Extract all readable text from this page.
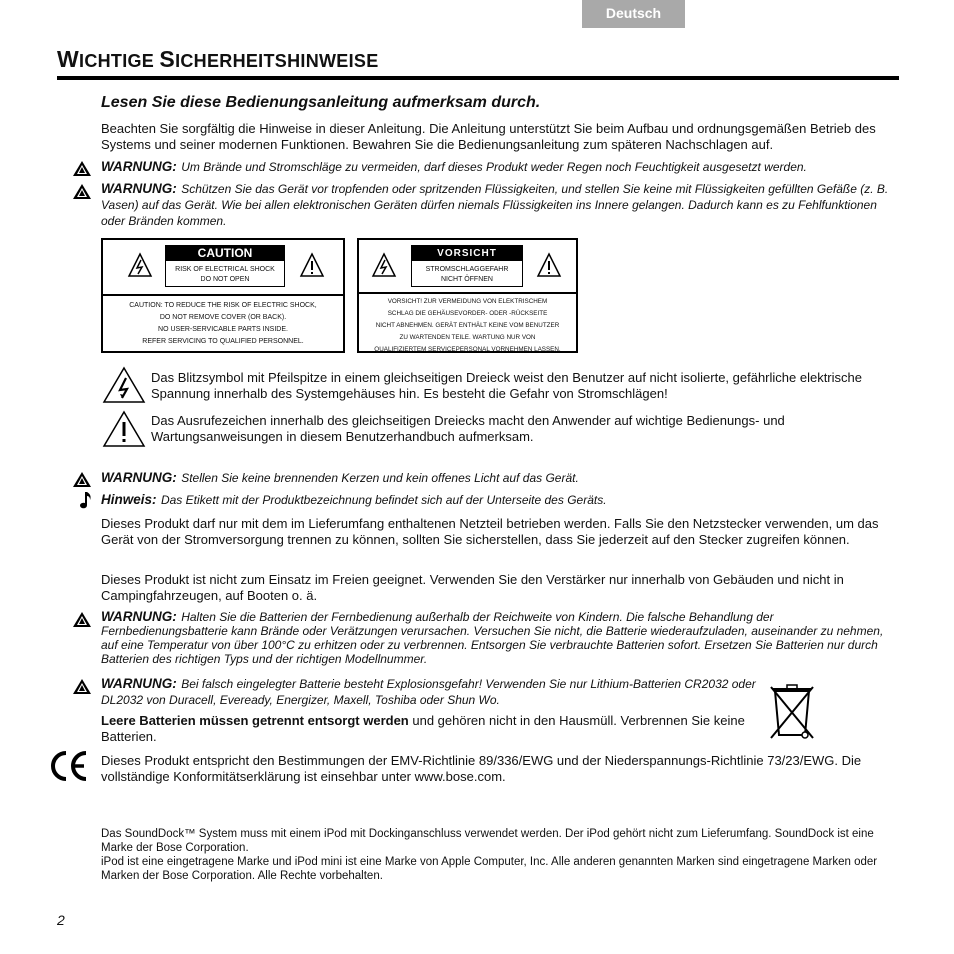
Deutsch
WICHTIGE SICHERHEITSHINWEISE
Lesen Sie diese Bedienungsanleitung aufmerksam durch.
Beachten Sie sorgfältig die Hinweise in dieser Anleitung. Die Anleitung unterstützt Sie beim Aufbau und ordnungsgemäßen Betrieb des Systems und seiner modernen Funktionen. Bewahren Sie die Bedienungsanleitung zum späteren Nachschlagen auf.
WARNUNG: Um Brände und Stromschläge zu vermeiden, darf dieses Produkt weder Regen noch Feuchtigkeit ausgesetzt werden.
WARNUNG: Schützen Sie das Gerät vor tropfenden oder spritzenden Flüssigkeiten, und stellen Sie keine mit Flüssigkeiten gefüllten Gefäße (z. B. Vasen) auf das Gerät. Wie bei allen elektronischen Geräten dürfen niemals Flüssigkeiten ins Innere gelangen. Dadurch kann es zu Fehlfunktionen oder Bränden kommen.
CAUTION
RISK OF ELECTRICAL SHOCK
DO NOT OPEN
CAUTION: TO REDUCE THE RISK OF ELECTRIC SHOCK,
DO NOT REMOVE COVER (OR BACK).
NO USER-SERVICABLE PARTS INSIDE.
REFER SERVICING TO QUALIFIED PERSONNEL.
VORSICHT
STROMSCHLAGGEFAHR
NICHT ÖFFNEN
VORSICHT! ZUR VERMEIDUNG VON ELEKTRISCHEM
SCHLAG DIE GEHÄUSEVORDER- ODER -RÜCKSEITE
NICHT ABNEHMEN. GERÄT ENTHÄLT KEINE VOM BENUTZER
ZU WARTENDEN TEILE. WARTUNG NUR VON
QUALIFIZIERTEM SERVICEPERSONAL VORNEHMEN LASSEN.
Das Blitzsymbol mit Pfeilspitze in einem gleichseitigen Dreieck weist den Benutzer auf nicht isolierte, gefährliche elektrische Spannung innerhalb des Systemgehäuses hin. Es besteht die Gefahr von Stromschlägen!
Das Ausrufezeichen innerhalb des gleichseitigen Dreiecks macht den Anwender auf wichtige Bedienungs- und Wartungsanweisungen in diesem Benutzerhandbuch aufmerksam.
WARNUNG: Stellen Sie keine brennenden Kerzen und kein offenes Licht auf das Gerät.
Hinweis: Das Etikett mit der Produktbezeichnung befindet sich auf der Unterseite des Geräts.
Dieses Produkt darf nur mit dem im Lieferumfang enthaltenen Netzteil betrieben werden. Falls Sie den Netzstecker verwenden, um das Gerät von der Stromversorgung trennen zu können, sollten Sie sicherstellen, dass Sie jederzeit auf den Stecker zugreifen können.
Dieses Produkt ist nicht zum Einsatz im Freien geeignet. Verwenden Sie den Verstärker nur innerhalb von Gebäuden und nicht in Campingfahrzeugen, auf Booten o. ä.
WARNUNG: Halten Sie die Batterien der Fernbedienung außerhalb der Reichweite von Kindern. Die falsche Behandlung der Fernbedienungsbatterie kann Brände oder Verätzungen verursachen. Versuchen Sie nicht, die Batterie wiederaufzuladen, auseinander zu nehmen, auf eine Temperatur von über 100°C zu erhitzen oder zu verbrennen. Entsorgen Sie verbrauchte Batterien sofort. Ersetzen Sie Batterien nur durch Batterien des richtigen Typs und der richtigen Modellnummer.
WARNUNG: Bei falsch eingelegter Batterie besteht Explosionsgefahr! Verwenden Sie nur Lithium-Batterien CR2032 oder DL2032 von Duracell, Eveready, Energizer, Maxell, Toshiba oder Shun Wo.
Leere Batterien müssen getrennt entsorgt werden und gehören nicht in den Hausmüll. Verbrennen Sie keine Batterien.
Dieses Produkt entspricht den Bestimmungen der EMV-Richtlinie 89/336/EWG und der Niederspannungs-Richtlinie 73/23/EWG. Die vollständige Konformitätserklärung ist einsehbar unter www.bose.com.
Das SoundDock™ System muss mit einem iPod mit Dockinganschluss verwendet werden. Der iPod gehört nicht zum Lieferumfang. SoundDock ist eine Marke der Bose Corporation.
iPod ist eine eingetragene Marke und iPod mini ist eine Marke von Apple Computer, Inc. Alle anderen genannten Marken sind eingetragene Marken oder Marken der Bose Corporation. Alle Rechte vorbehalten.
2
